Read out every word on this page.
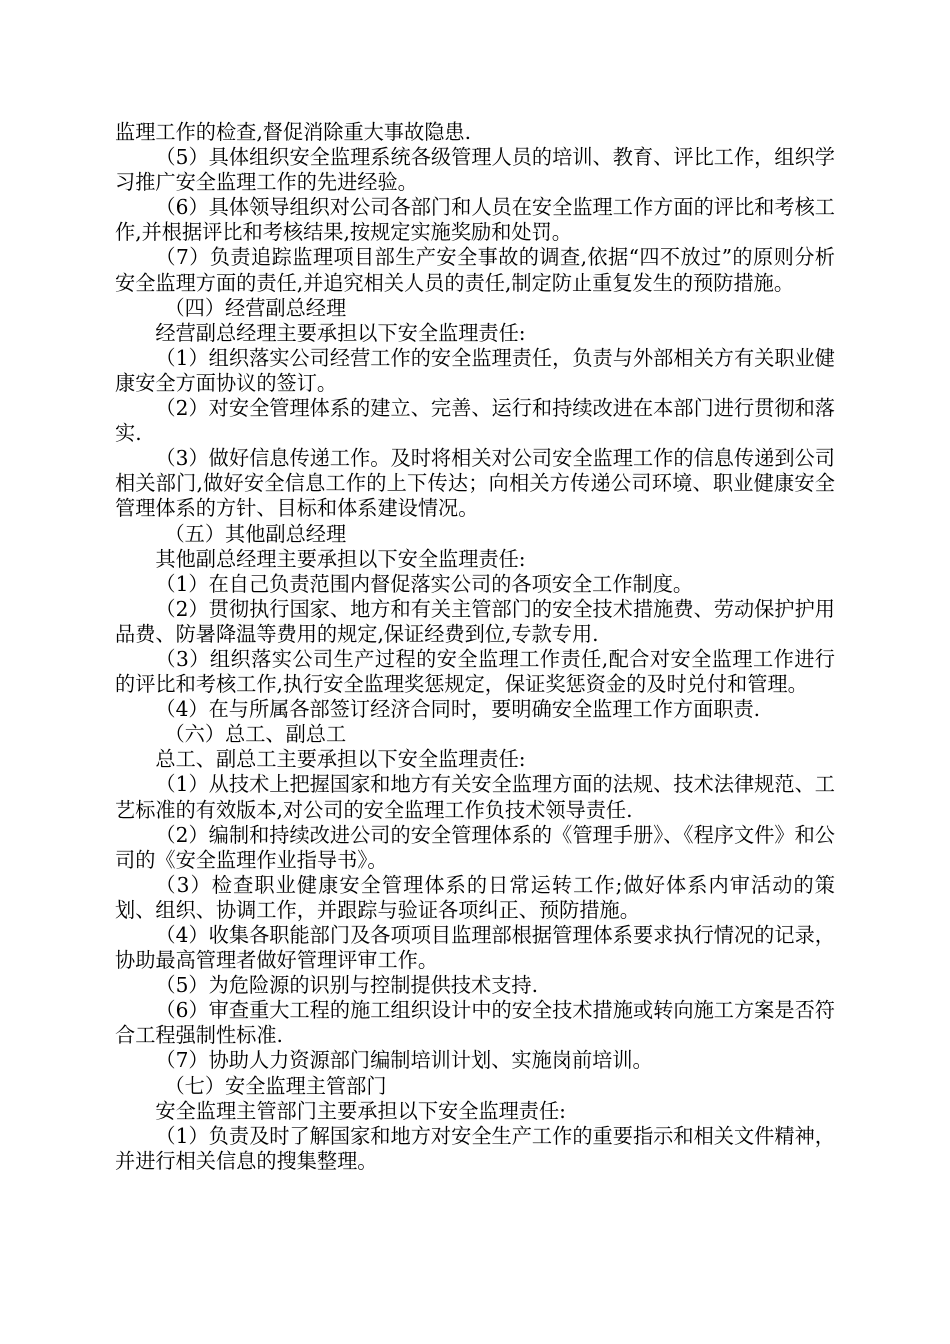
监理工作的检查,督促消除重大事故隐患.

（5）具体组织安全监理系统各级管理人员的培训、教育、评比工作，组织学习推广安全监理工作的先进经验。

（6）具体领导组织对公司各部门和人员在安全监理工作方面的评比和考核工作,并根据评比和考核结果,按规定实施奖励和处罚。

（7）负责追踪监理项目部生产安全事故的调查,依据“四不放过”的原则分析安全监理方面的责任,并追究相关人员的责任,制定防止重复发生的预防措施。

（四）经营副总经理

经营副总经理主要承担以下安全监理责任:

（1）组织落实公司经营工作的安全监理责任，负责与外部相关方有关职业健康安全方面协议的签订。

（2）对安全管理体系的建立、完善、运行和持续改进在本部门进行贯彻和落实.

（3）做好信息传递工作。及时将相关对公司安全监理工作的信息传递到公司相关部门,做好安全信息工作的上下传达；向相关方传递公司环境、职业健康安全管理体系的方针、目标和体系建设情况。

（五）其他副总经理

其他副总经理主要承担以下安全监理责任:

（1）在自己负责范围内督促落实公司的各项安全工作制度。

（2）贯彻执行国家、地方和有关主管部门的安全技术措施费、劳动保护护用品费、防暑降温等费用的规定,保证经费到位,专款专用.

（3）组织落实公司生产过程的安全监理工作责任,配合对安全监理工作进行的评比和考核工作,执行安全监理奖惩规定，保证奖惩资金的及时兑付和管理。

（4）在与所属各部签订经济合同时，要明确安全监理工作方面职责.

（六）总工、副总工

总工、副总工主要承担以下安全监理责任:

（1）从技术上把握国家和地方有关安全监理方面的法规、技术法律规范、工艺标准的有效版本,对公司的安全监理工作负技术领导责任.

（2）编制和持续改进公司的安全管理体系的《管理手册》、《程序文件》和公司的《安全监理作业指导书》。

（3）检查职业健康安全管理体系的日常运转工作;做好体系内审活动的策划、组织、协调工作，并跟踪与验证各项纠正、预防措施。

（4）收集各职能部门及各项项目监理部根据管理体系要求执行情况的记录，协助最高管理者做好管理评审工作。

（5）为危险源的识别与控制提供技术支持.

（6）审查重大工程的施工组织设计中的安全技术措施或转向施工方案是否符合工程强制性标准.

（7）协助人力资源部门编制培训计划、实施岗前培训。

（七）安全监理主管部门

安全监理主管部门主要承担以下安全监理责任:

（1）负责及时了解国家和地方对安全生产工作的重要指示和相关文件精神，并进行相关信息的搜集整理。
